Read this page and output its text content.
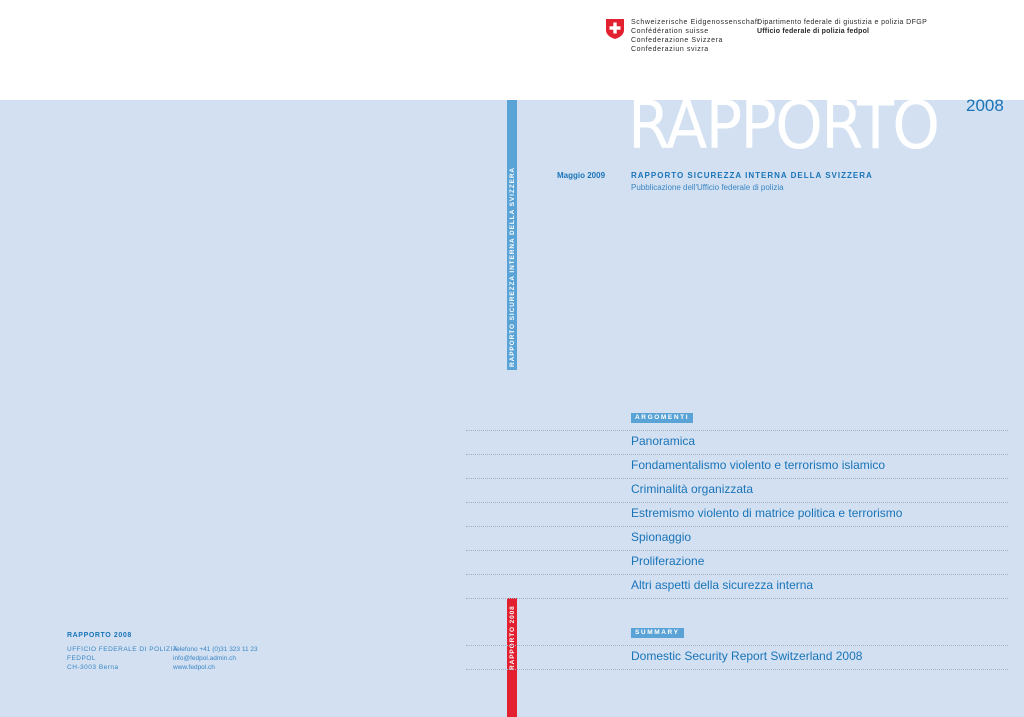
Schweizerische Eidgenossenschaft
Confédération suisse
Confederazione Svizzera
Confederaziun svizra
Dipartimento federale di giustizia e polizia DFGP
Ufficio federale di polizia fedpol
RAPPORTO 2008
RAPPORTO SICUREZZA INTERNA DELLA SVIZZERA
RAPPORTO 2008
Maggio 2009	RAPPORTO SICUREZZA INTERNA DELLA SVIZZERA
Pubblicazione dell'Ufficio federale di polizia
ARGOMENTI
Panoramica
Fondamentalismo violento e terrorismo islamico
Criminalità organizzata
Estremismo violento di matrice politica e terrorismo
Spionaggio
Proliferazione
Altri aspetti della sicurezza interna
SUMMARY
Domestic Security Report Switzerland 2008
RAPPORTO 2008
UFFICIO FEDERALE DI POLIZIA
FEDPOL
CH-3003 Berna
Telefono +41 (0)31 323 11 23
info@fedpol.admin.ch
www.fedpol.ch
